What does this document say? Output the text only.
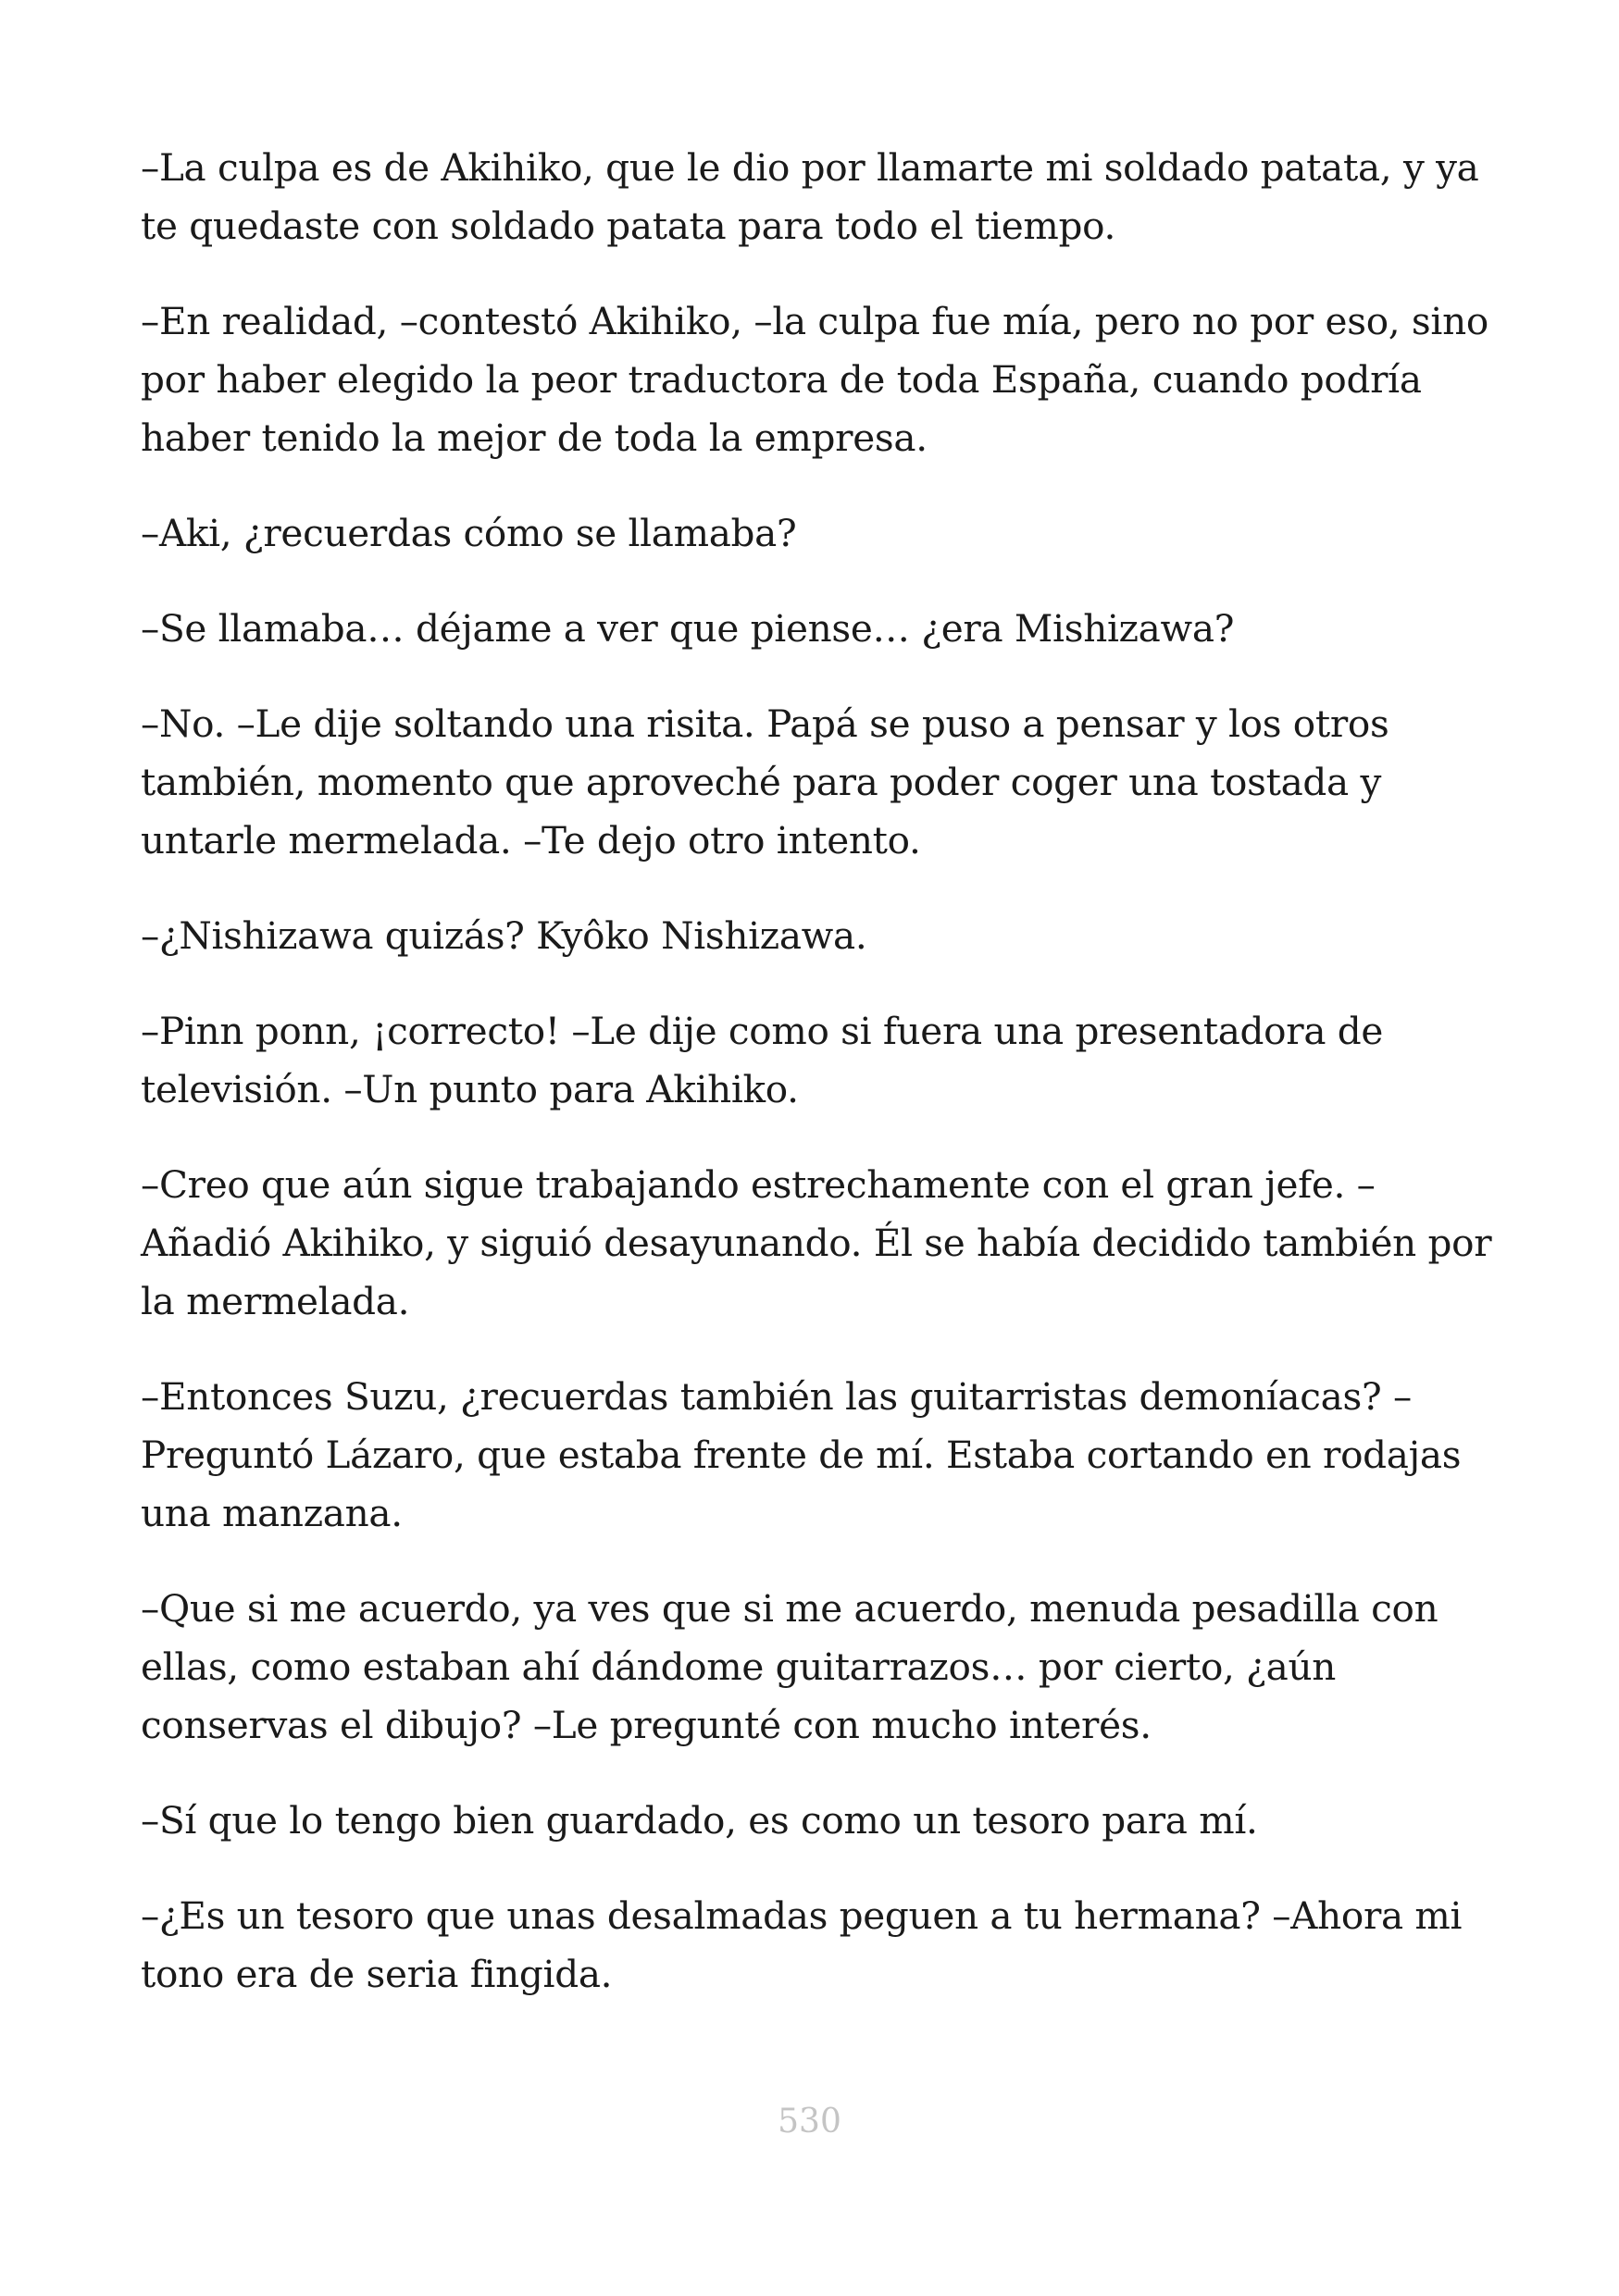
–La culpa es de Akihiko, que le dio por llamarte mi soldado patata, y ya te quedaste con soldado patata para todo el tiempo.

–En realidad, –contestó Akihiko, –la culpa fue mía, pero no por eso, sino por haber elegido la peor traductora de toda España, cuando podría haber tenido la mejor de toda la empresa.

–Aki, ¿recuerdas cómo se llamaba?

–Se llamaba… déjame a ver que piense… ¿era Mishizawa?

–No. –Le dije soltando una risita. Papá se puso a pensar y los otros también, momento que aproveché para poder coger una tostada y untarle mermelada. –Te dejo otro intento.

–¿Nishizawa quizás? Kyôko Nishizawa.

–Pinn ponn, ¡correcto! –Le dije como si fuera una presentadora de televisión. –Un punto para Akihiko.

–Creo que aún sigue trabajando estrechamente con el gran jefe. –Añadió Akihiko, y siguió desayunando. Él se había decidido también por la mermelada.

–Entonces Suzu, ¿recuerdas también las guitarristas demoníacas? –Preguntó Lázaro, que estaba frente de mí. Estaba cortando en rodajas una manzana.

–Que si me acuerdo, ya ves que si me acuerdo, menuda pesadilla con ellas, como estaban ahí dándome guitarrazos… por cierto, ¿aún conservas el dibujo? –Le pregunté con mucho interés.

–Sí que lo tengo bien guardado, es como un tesoro para mí.

–¿Es un tesoro que unas desalmadas peguen a tu hermana? –Ahora mi tono era de seria fingida.

530
